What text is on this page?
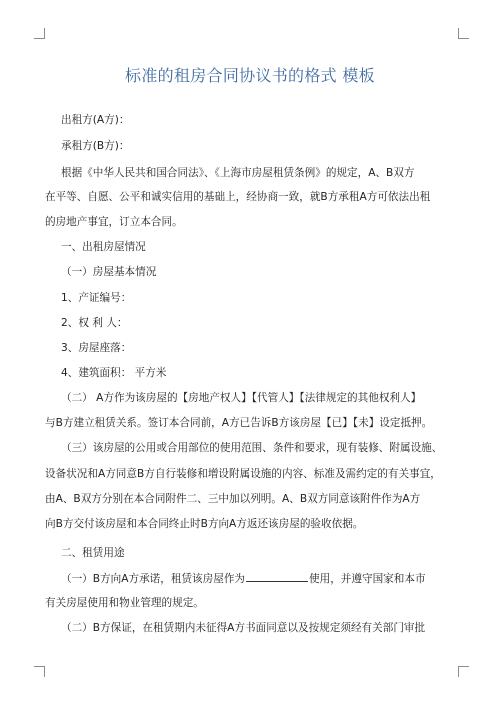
标准的租房合同协议书的格式 模板
出租方(A方)：
承租方(B方)：
根据《中华人民共和国合同法》、《上海市房屋租赁条例》的规定，A、B双方
在平等、自愿、公平和诚实信用的基础上，经协商一致，就B方承租A方可依法出租
的房地产事宜，订立本合同。
一、出租房屋情况
（一）房屋基本情况
1、产证编号：
2、权 利 人：
3、房屋座落：
4、建筑面积： 平方米
（二） A方作为该房屋的【房地产权人】【代管人】【法律规定的其他权利人】
与B方建立租赁关系。签订本合同前，A方已告诉B方该房屋【已】【未】设定抵押。
（三）该房屋的公用或合用部位的使用范围、条件和要求，现有装修、附属设施、
设备状况和A方同意B方自行装修和增设附属设施的内容、标准及需约定的有关事宜，
由A、B双方分别在本合同附件二、三中加以列明。A、B双方同意该附件作为A方
向B方交付该房屋和本合同终止时B方向A方返还该房屋的验收依据。
二、租赁用途
（一）B方向A方承诺，租赁该房屋作为	使用，并遵守国家和本市
有关房屋使用和物业管理的规定。
（二）B方保证，在租赁期内未征得A方书面同意以及按规定须经有关部门审批
